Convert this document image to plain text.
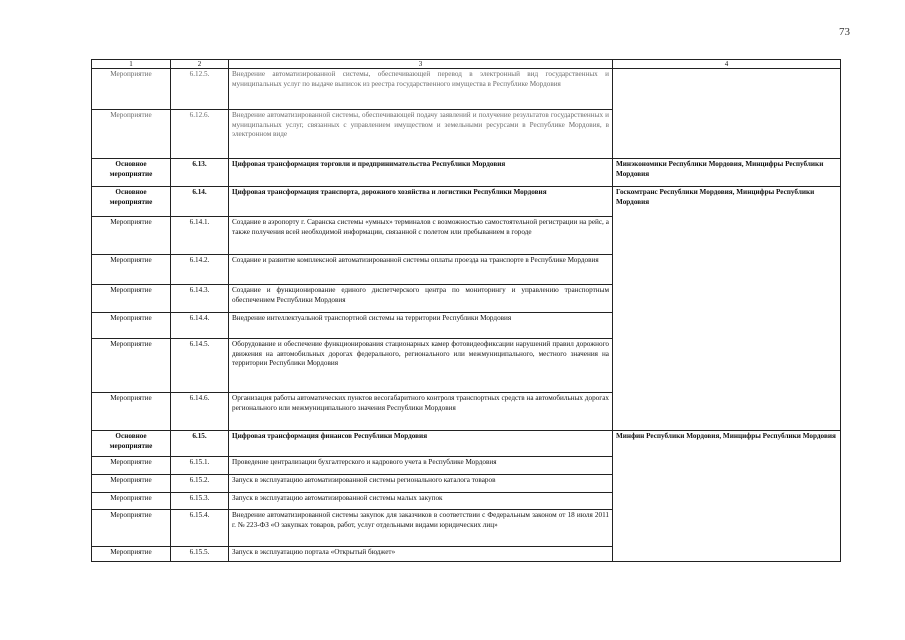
73
1	2	3	4
Мероприятие	6.12.5.	Внедрение автоматизированной системы, обеспечивающей перевод в электронный вид государственных и муниципальных услуг по выдаче выписок из реестра государственного имущества в Республике Мордовия	
Мероприятие	6.12.6.	Внедрение автоматизированной системы, обеспечивающей подачу заявлений и получение результатов государственных и муниципальных услуг, связанных с управлением имуществом и земельными ресурсами в Республике Мордовия, в электронном виде	
Основное мероприятие	6.13.	Цифровая трансформация торговли и предпринимательства Республики Мордовия	Минэкономики Республики Мордовия, Минцифры Республики Мордовия
Основное мероприятие	6.14.	Цифровая трансформация транспорта, дорожного хозяйства и логистики Республики Мордовия	Госкомтранс Республики Мордовия, Минцифры Республики Мордовия
Мероприятие	6.14.1.	Создание в аэропорту г. Саранска системы «умных» терминалов с возможностью самостоятельной регистрации на рейс, а также получения всей необходимой информации, связанной с полетом или пребыванием в городе	
Мероприятие	6.14.2.	Создание и развитие комплексной автоматизированной системы оплаты проезда на транспорте в Республике Мордовия	
Мероприятие	6.14.3.	Создание и функционирование единого диспетчерского центра по мониторингу и управлению транспортным обеспечением Республики Мордовия	
Мероприятие	6.14.4.	Внедрение интеллектуальной транспортной системы на территории Республики Мордовия	
Мероприятие	6.14.5.	Оборудование и обеспечение функционирования стационарных камер фотовидеофиксации нарушений правил дорожного движения на автомобильных дорогах федерального, регионального или межмуниципального, местного значения на территории Республики Мордовия	
Мероприятие	6.14.6.	Организация работы автоматических пунктов весогабаритного контроля транспортных средств на автомобильных дорогах регионального или межмуниципального значения Республики Мордовия	
Основное мероприятие	6.15.	Цифровая трансформация финансов Республики Мордовия	Минфин Республики Мордовия, Минцифры Республики Мордовия
Мероприятие	6.15.1.	Проведение централизации бухгалтерского и кадрового учета в Республике Мордовия	
Мероприятие	6.15.2.	Запуск в эксплуатацию автоматизированной системы регионального каталога товаров	
Мероприятие	6.15.3.	Запуск в эксплуатацию автоматизированной системы малых закупок	
Мероприятие	6.15.4.	Внедрение автоматизированной системы закупок для заказчиков в соответствии с Федеральным законом от 18 июля 2011 г. № 223-ФЗ «О закупках товаров, работ, услуг отдельными видами юридических лиц»	
Мероприятие	6.15.5.	Запуск в эксплуатацию портала «Открытый бюджет»	
